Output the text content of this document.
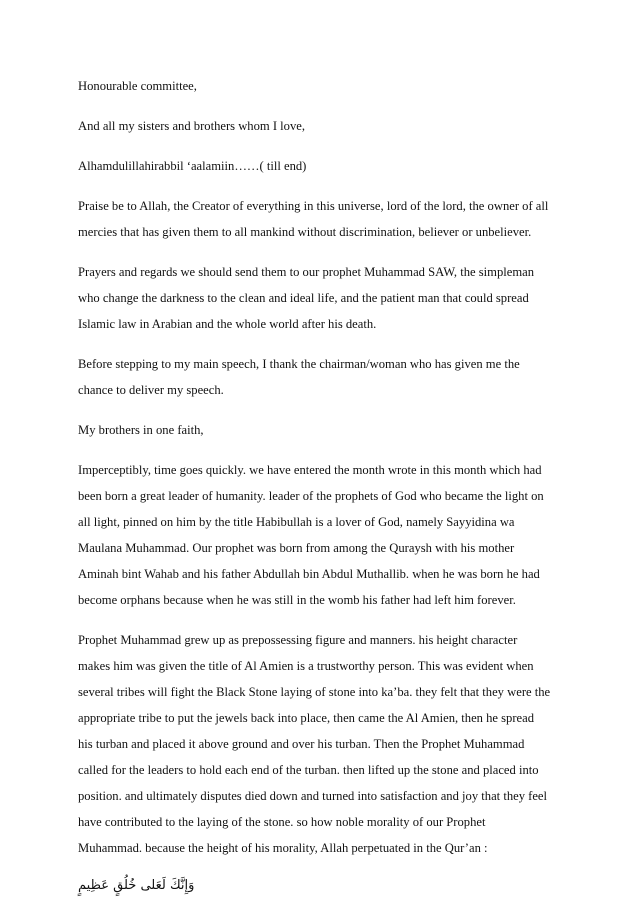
Honourable committee,

And all my sisters and brothers whom I love,

Alhamdulillahirabbil ‘aalamiin……( till end)

Praise be to Allah, the Creator of everything in this universe, lord of the lord, the owner of all
mercies that has given them to all mankind without discrimination, believer or unbeliever.

Prayers and regards we should send them to our prophet Muhammad SAW, the simpleman
who change the darkness to the clean and ideal life, and the patient man that could spread
Islamic law in Arabian and the whole world after his death.

Before stepping to my main speech, I thank the chairman/woman who has given me the
chance to deliver my speech.

My brothers in one faith,

Imperceptibly, time goes quickly. we have entered the month wrote in this month which had
been born a great leader of humanity. leader of the prophets of God who became the light on
all light, pinned on him by the title Habibullah is a lover of God, namely Sayyidina wa
Maulana Muhammad. Our prophet was born from among the Quraysh with his mother
Aminah bint Wahab and his father Abdullah bin Abdul Muthallib. when he was born he had
become orphans because when he was still in the womb his father had left him forever.

Prophet Muhammad grew up as prepossessing figure and manners. his height character
makes him was given the title of Al Amien is a trustworthy person. This was evident when
several tribes will fight the Black Stone laying of stone into ka’ba. they felt that they were the
appropriate tribe to put the jewels back into place, then came the Al Amien, then he spread
his turban and placed it above ground and over his turban. Then the Prophet Muhammad
called for the leaders to hold each end of the turban. then lifted up the stone and placed into
position. and ultimately disputes died down and turned into satisfaction and joy that they feel
have contributed to the laying of the stone. so how noble morality of our Prophet
Muhammad. because the height of his morality, Allah perpetuated in the Qur’an :

وَإِنَّكَ لَعَلى خُلُقٍ عَظِيمٍ
